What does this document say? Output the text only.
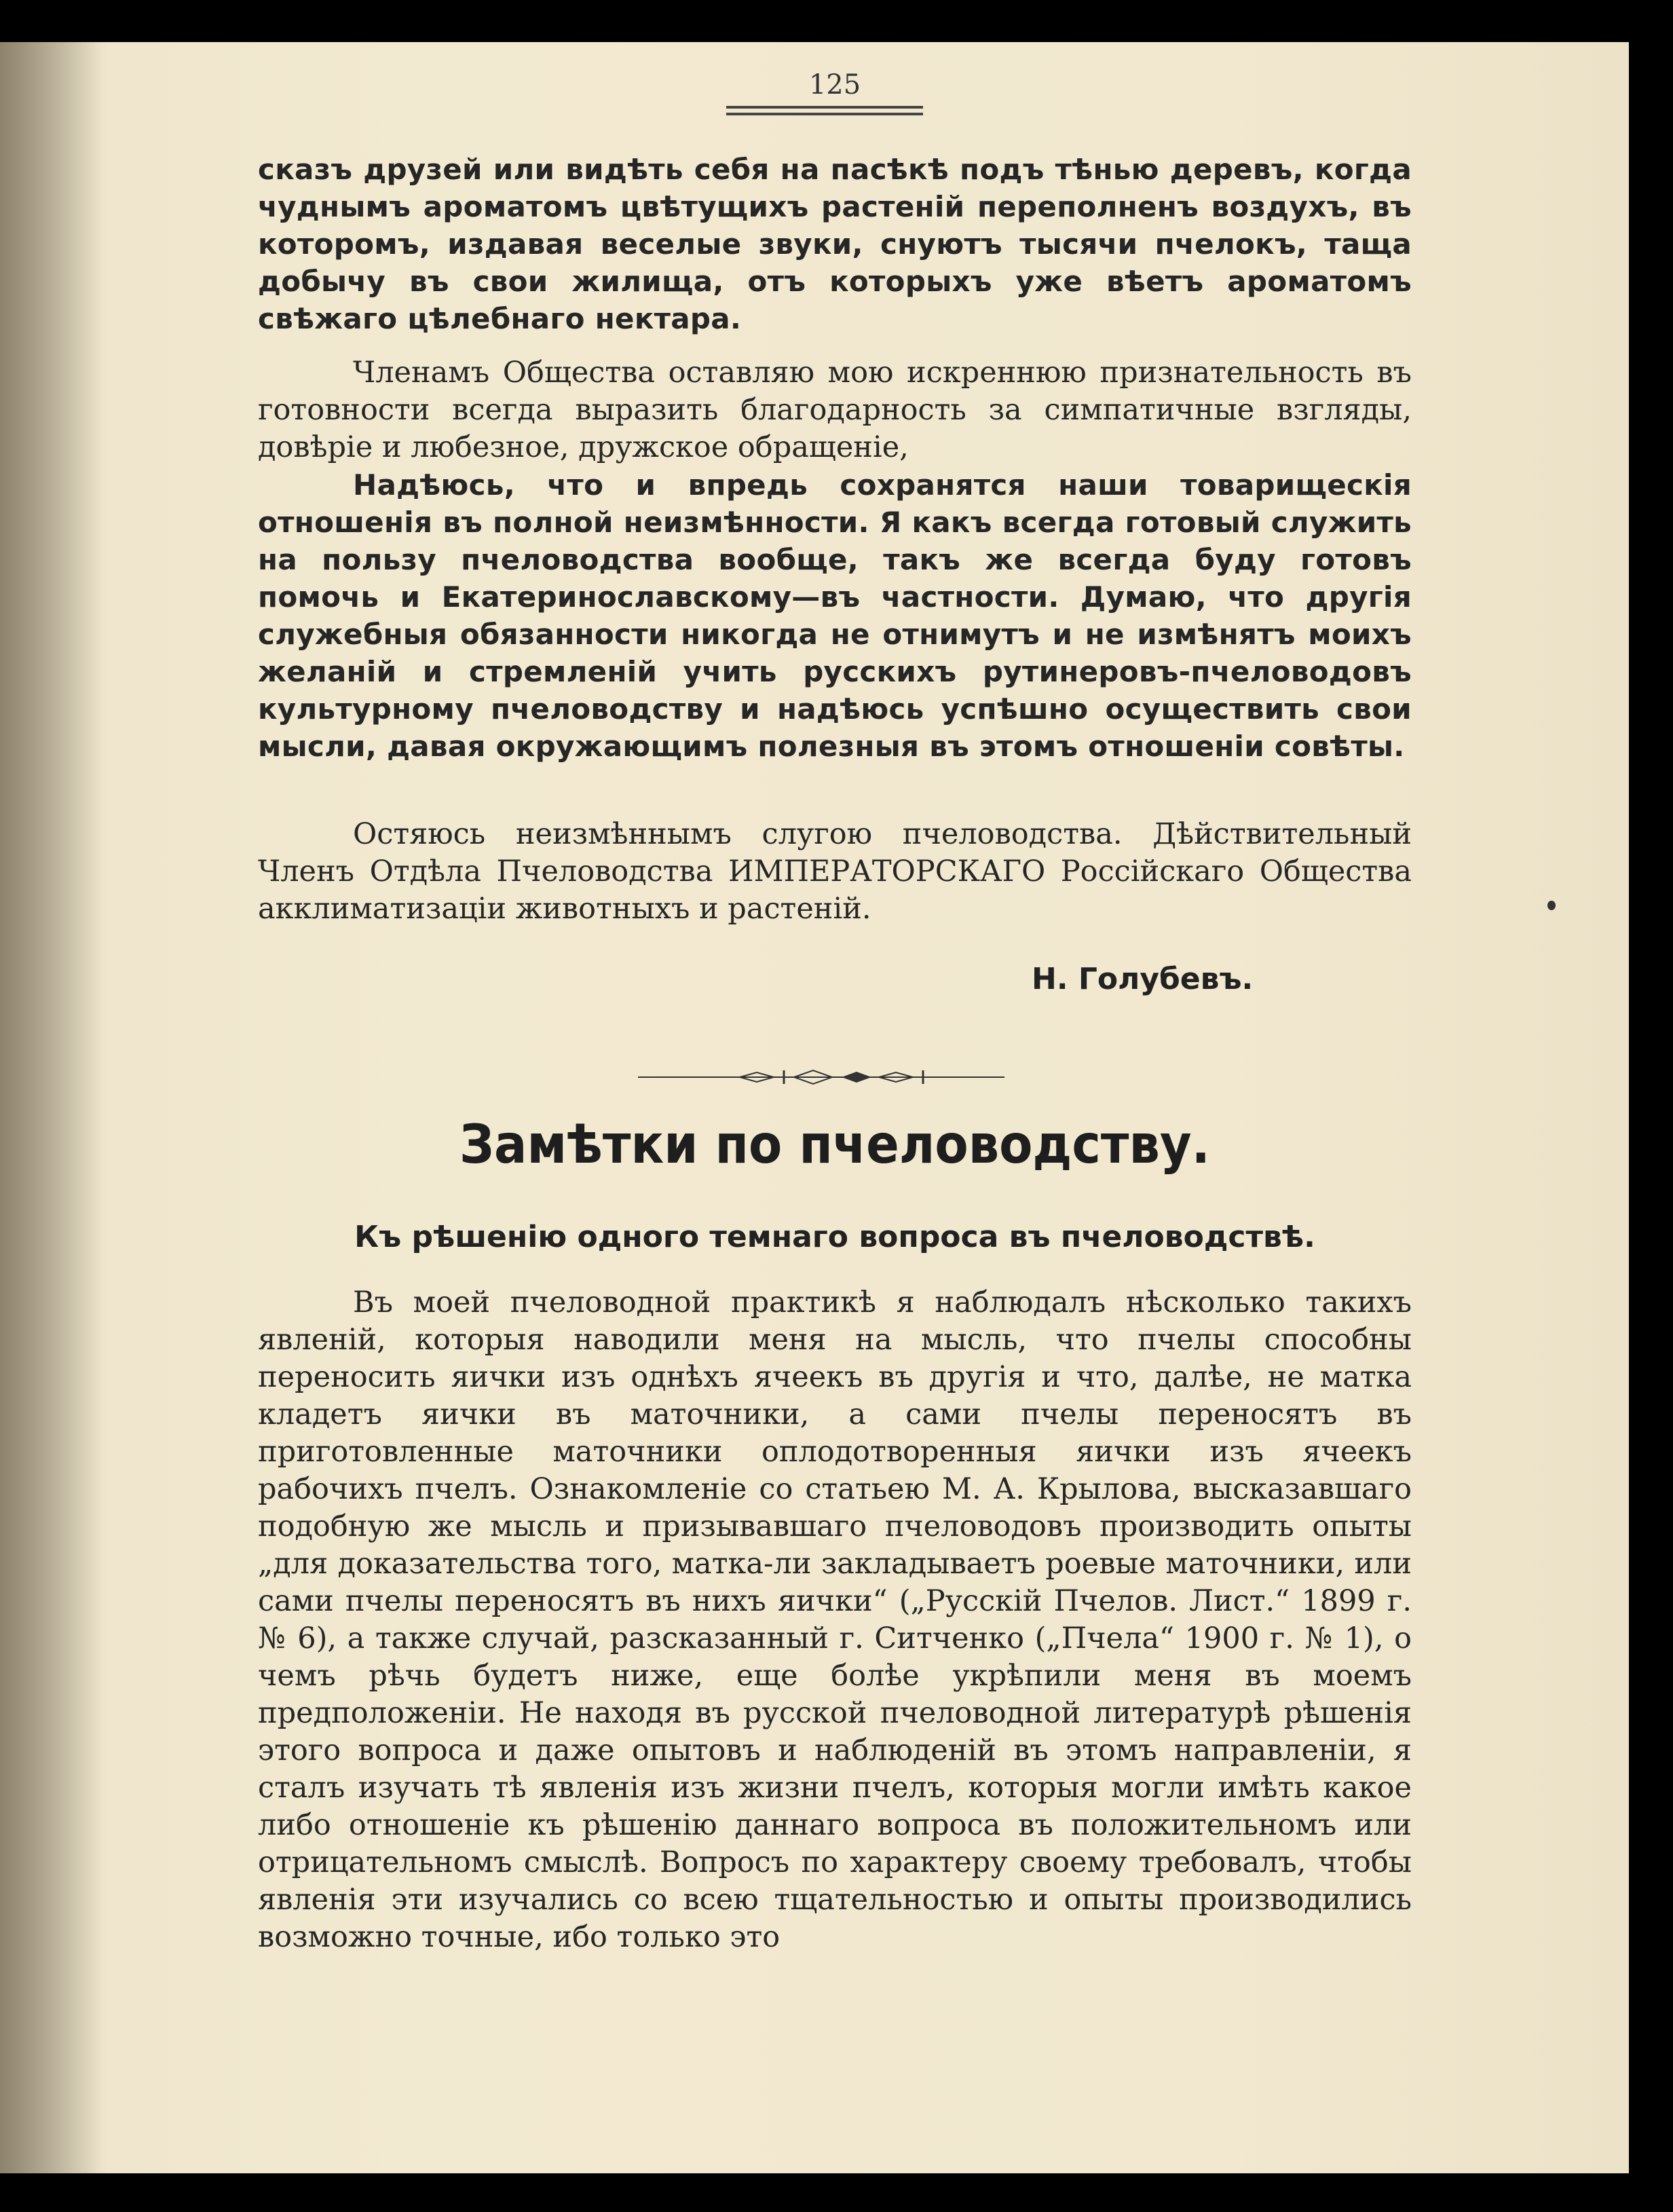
125

сказъ друзей или видѣть себя на пасѣкѣ подъ тѣнью деревъ, когда чуднымъ ароматомъ цвѣтущихъ растеній переполненъ воздухъ, въ которомъ, издавая веселые звуки, снуютъ тысячи пчелокъ, таща добычу въ свои жилища, отъ которыхъ уже вѣетъ ароматомъ свѣжаго цѣлебнаго нектара.

Членамъ Общества оставляю мою искреннюю признательность въ готовности всегда выразить благодарность за симпатичные взгляды, довѣріе и любезное, дружское обращеніе,

Надѣюсь, что и впредь сохранятся наши товарищескія отношенія въ полной неизмѣнности. Я какъ всегда готовый служить на пользу пчеловодства вообще, такъ же всегда буду готовъ помочь и Екатеринославскому—въ частности. Думаю, что другія служебныя обязанности никогда не отнимутъ и не измѣнятъ моихъ желаній и стремленій учить русскихъ рутинеровъ-пчеловодовъ культурному пчеловодству и надѣюсь успѣшно осуществить свои мысли, давая окружающимъ полезныя въ этомъ отношеніи совѣты.

Остяюсь неизмѣннымъ слугою пчеловодства. Дѣйствительный Членъ Отдѣла Пчеловодства ИМПЕРАТОРСКАГО Россійскаго Общества акклиматизаціи животныхъ и растеній.

Н. Голубевъ.
Замѣтки по пчеловодству.
Къ рѣшенію одного темнаго вопроса въ пчеловодствѣ.

Въ моей пчеловодной практикѣ я наблюдалъ нѣсколько такихъ явленій, которыя наводили меня на мысль, что пчелы способны переносить яички изъ однѣхъ ячеекъ въ другія и что, далѣе, не матка кладетъ яички въ маточники, а сами пчелы переносятъ въ приготовленные маточники оплодотворенныя яички изъ ячеекъ рабочихъ пчелъ. Ознакомленіе со статьею М. А. Крылова, высказавшаго подобную же мысль и призывавшаго пчеловодовъ производить опыты „для доказательства того, матка-ли закладываетъ роевые маточники, или сами пчелы переносятъ въ нихъ яички“ („Русскій Пчелов. Лист.“ 1899 г. № 6), а также случай, разсказанный г. Ситченко („Пчела“ 1900 г. № 1), о чемъ рѣчь будетъ ниже, еще болѣе укрѣпили меня въ моемъ предположеніи. Не находя въ русской пчеловодной литературѣ рѣшенія этого вопроса и даже опытовъ и наблюденій въ этомъ направленіи, я сталъ изучать тѣ явленія изъ жизни пчелъ, которыя могли имѣть какое либо отношеніе къ рѣшенію даннаго вопроса въ положительномъ или отрицательномъ смыслѣ. Вопросъ по характеру своему требовалъ, чтобы явленія эти изучались со всею тщательностью и опыты производились возможно точные, ибо только это
